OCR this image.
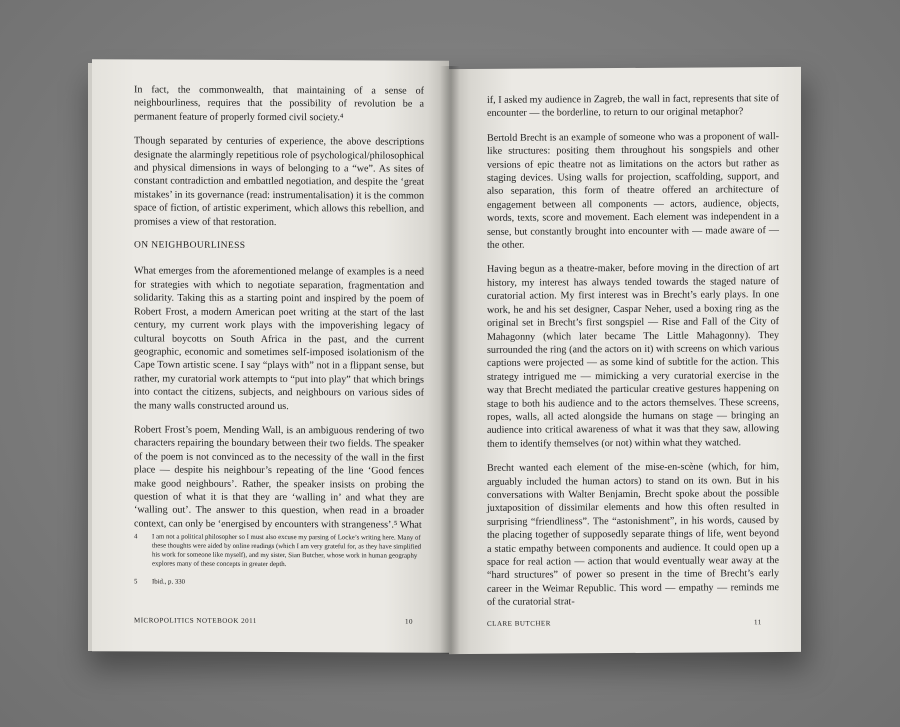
In fact, the commonwealth, that maintaining of a sense of neighbourliness, requires that the possibility of revolution be a permanent feature of properly formed civil society.⁴

Though separated by centuries of experience, the above descriptions designate the alarmingly repetitious role of psychological/philosophical and physical dimensions in ways of belonging to a “we”. As sites of constant contradiction and embattled negotiation, and despite the ‘great mistakes’ in its governance (read: instrumentalisation) it is the common space of fiction, of artistic experiment, which allows this rebellion, and promises a view of that restoration.

ON NEIGHBOURLINESS

What emerges from the aforementioned melange of examples is a need for strategies with which to negotiate separation, fragmentation and solidarity. Taking this as a starting point and inspired by the poem of Robert Frost, a modern American poet writing at the start of the last century, my current work plays with the impoverishing legacy of cultural boycotts on South Africa in the past, and the current geographic, economic and sometimes self-imposed isolationism of the Cape Town artistic scene. I say “plays with” not in a flippant sense, but rather, my curatorial work attempts to “put into play” that which brings into contact the citizens, subjects, and neighbours on various sides of the many walls constructed around us.

Robert Frost’s poem, Mending Wall, is an ambiguous rendering of two characters repairing the boundary between their two fields. The speaker of the poem is not convinced as to the necessity of the wall in the first place — despite his neighbour’s repeating of the line ‘Good fences make good neighbours’. Rather, the speaker insists on probing the question of what it is that they are ‘walling in’ and what they are ‘walling out’. The answer to this question, when read in a broader context, can only be ‘energised by encounters with strangeness’.⁵ What

4	I am not a political philosopher so I must also excuse my parsing of Locke’s writing here. Many of these thoughts were aided by online readings (which I am very grateful for, as they have simplified his work for someone like myself), and my sister, Sian Butcher, whose work in human geography explores many of these concepts in greater depth.
5	Ibid., p. 330
MICROPOLITICS NOTEBOOK 2011	10

if, I asked my audience in Zagreb, the wall in fact, represents that site of encounter — the borderline, to return to our original metaphor?

Bertold Brecht is an example of someone who was a proponent of wall-like structures: positing them throughout his songspiels and other versions of epic theatre not as limitations on the actors but rather as staging devices. Using walls for projection, scaffolding, support, and also separation, this form of theatre offered an architecture of engagement between all components — actors, audience, objects, words, texts, score and movement. Each element was independent in a sense, but constantly brought into encounter with — made aware of — the other.

Having begun as a theatre-maker, before moving in the direction of art history, my interest has always tended towards the staged nature of curatorial action. My first interest was in Brecht’s early plays. In one work, he and his set designer, Caspar Neher, used a boxing ring as the original set in Brecht’s first songspiel — Rise and Fall of the City of Mahagonny (which later became The Little Mahagonny). They surrounded the ring (and the actors on it) with screens on which various captions were projected — as some kind of subtitle for the action. This strategy intrigued me — mimicking a very curatorial exercise in the way that Brecht mediated the particular creative gestures happening on stage to both his audience and to the actors themselves. These screens, ropes, walls, all acted alongside the humans on stage — bringing an audience into critical awareness of what it was that they saw, allowing them to identify themselves (or not) within what they watched.

Brecht wanted each element of the mise-en-scène (which, for him, arguably included the human actors) to stand on its own. But in his conversations with Walter Benjamin, Brecht spoke about the possible juxtaposition of dissimilar elements and how this often resulted in surprising “friendliness”. The “astonishment”, in his words, caused by the placing together of supposedly separate things of life, went beyond a static empathy between components and audience. It could open up a space for real action — action that would eventually wear away at the “hard structures” of power so present in the time of Brecht’s early career in the Weimar Republic. This word — empathy — reminds me of the curatorial strat-

CLARE BUTCHER	11
